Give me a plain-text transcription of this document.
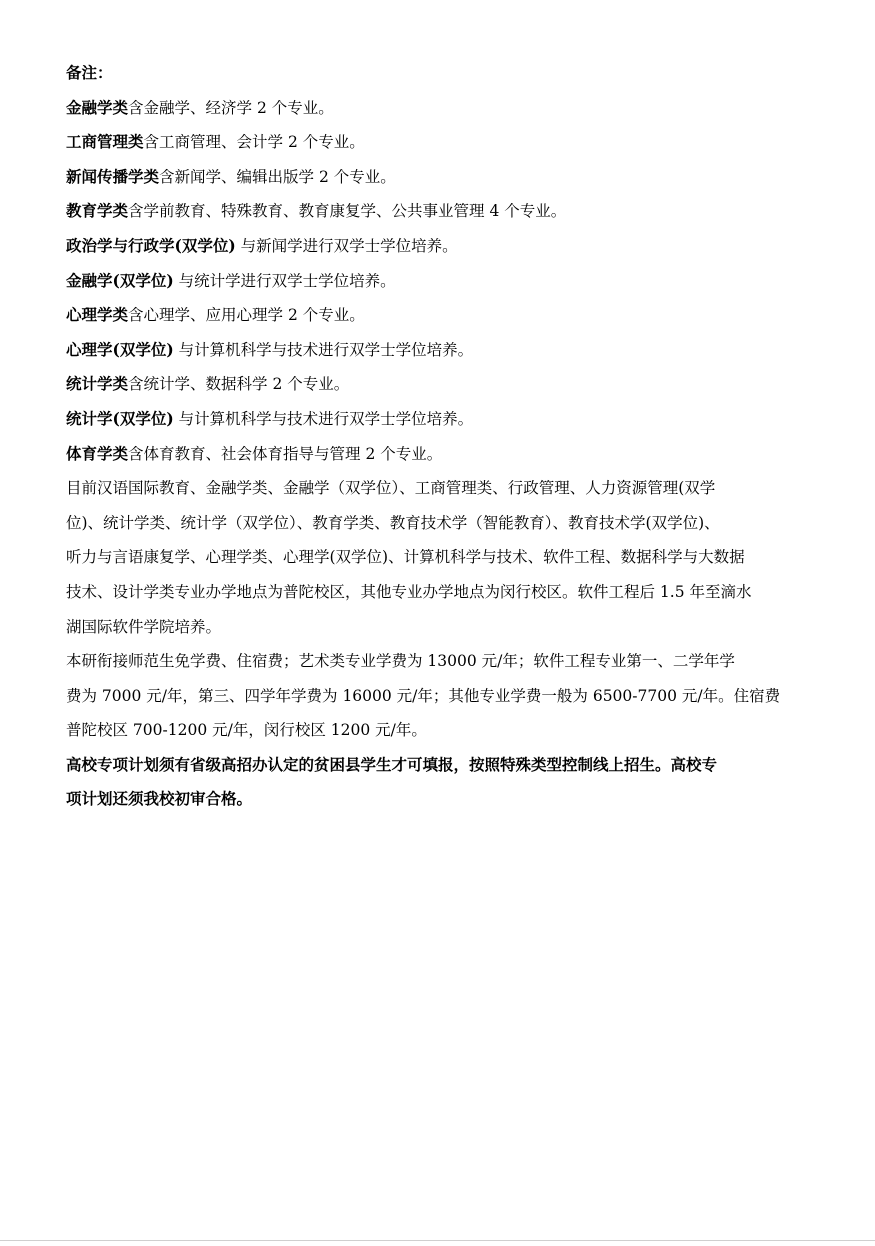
备注：
金融学类含金融学、经济学 2 个专业。
工商管理类含工商管理、会计学 2 个专业。
新闻传播学类含新闻学、编辑出版学 2 个专业。
教育学类含学前教育、特殊教育、教育康复学、公共事业管理 4 个专业。
政治学与行政学(双学位) 与新闻学进行双学士学位培养。
金融学(双学位) 与统计学进行双学士学位培养。
心理学类含心理学、应用心理学 2 个专业。
心理学(双学位) 与计算机科学与技术进行双学士学位培养。
统计学类含统计学、数据科学 2 个专业。
统计学(双学位) 与计算机科学与技术进行双学士学位培养。
体育学类含体育教育、社会体育指导与管理 2 个专业。
目前汉语国际教育、金融学类、金融学（双学位）、工商管理类、行政管理、人力资源管理(双学
位)、统计学类、统计学（双学位）、教育学类、教育技术学（智能教育）、教育技术学(双学位)、
听力与言语康复学、心理学类、心理学(双学位)、计算机科学与技术、软件工程、数据科学与大数据
技术、设计学类专业办学地点为普陀校区，其他专业办学地点为闵行校区。软件工程后 1.5 年至滴水
湖国际软件学院培养。
本研衔接师范生免学费、住宿费；艺术类专业学费为 13000 元/年；软件工程专业第一、二学年学
费为 7000 元/年，第三、四学年学费为 16000 元/年；其他专业学费一般为 6500-7700 元/年。住宿费
普陀校区 700-1200 元/年，闵行校区 1200 元/年。
高校专项计划须有省级高招办认定的贫困县学生才可填报，按照特殊类型控制线上招生。高校专
项计划还须我校初审合格。
